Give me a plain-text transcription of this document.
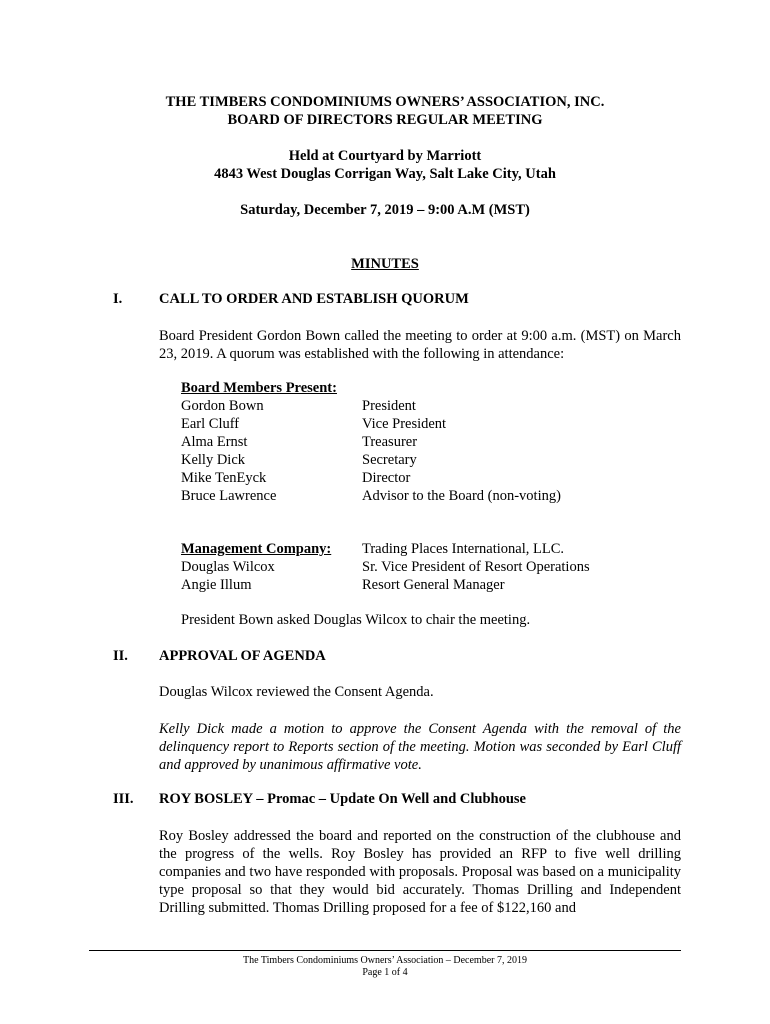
THE TIMBERS CONDOMINIUMS OWNERS’ ASSOCIATION, INC.
BOARD OF DIRECTORS REGULAR MEETING
Held at Courtyard by Marriott
4843 West Douglas Corrigan Way, Salt Lake City, Utah
Saturday, December 7, 2019 – 9:00 A.M (MST)
MINUTES
I.	CALL TO ORDER AND ESTABLISH QUORUM
Board President Gordon Bown called the meeting to order at 9:00 a.m. (MST) on March 23, 2019. A quorum was established with the following in attendance:
Board Members Present:
Gordon Bown	President
Earl Cluff	Vice President
Alma Ernst	Treasurer
Kelly Dick	Secretary
Mike TenEyck	Director
Bruce Lawrence	Advisor to the Board (non-voting)
Management Company: Trading Places International, LLC.
Douglas Wilcox	Sr. Vice President of Resort Operations
Angie Illum	Resort General Manager
President Bown asked Douglas Wilcox to chair the meeting.
II. APPROVAL OF AGENDA
Douglas Wilcox reviewed the Consent Agenda.
Kelly Dick made a motion to approve the Consent Agenda with the removal of the delinquency report to Reports section of the meeting. Motion was seconded by Earl Cluff and approved by unanimous affirmative vote.
III. ROY BOSLEY – Promac – Update On Well and Clubhouse
Roy Bosley addressed the board and reported on the construction of the clubhouse and the progress of the wells. Roy Bosley has provided an RFP to five well drilling companies and two have responded with proposals. Proposal was based on a municipality type proposal so that they would bid accurately. Thomas Drilling and Independent Drilling submitted. Thomas Drilling proposed for a fee of $122,160 and
The Timbers Condominiums Owners’ Association – December 7, 2019
Page 1 of 4
